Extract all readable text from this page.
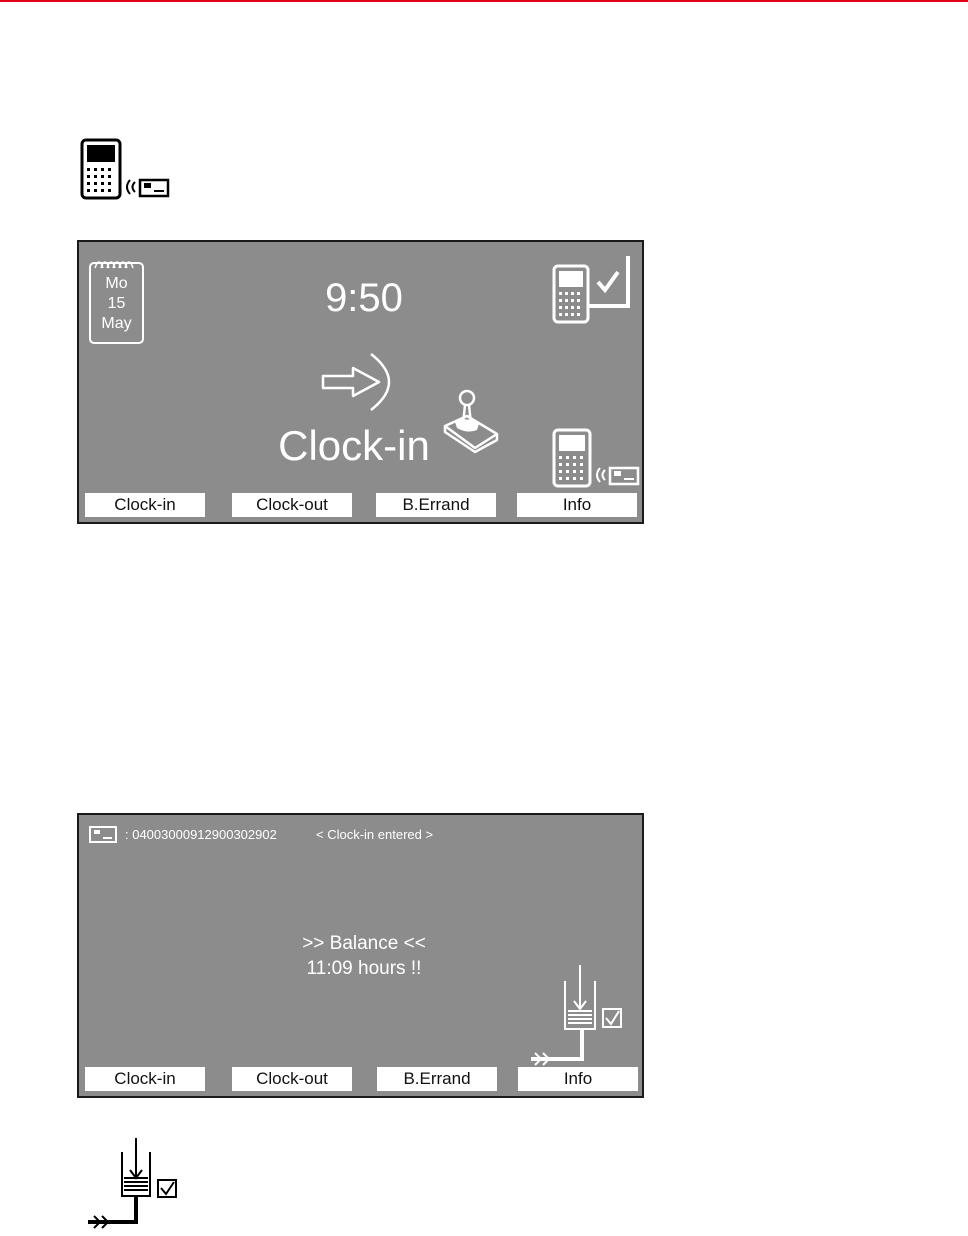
Mo
15
May
9:50
Clock-in
Clock-in	Clock-out	B.Errand	Info
: 04003000912900302902	< Clock-in entered >
>> Balance <<
11:09 hours !!
Clock-in	Clock-out	B.Errand	Info
